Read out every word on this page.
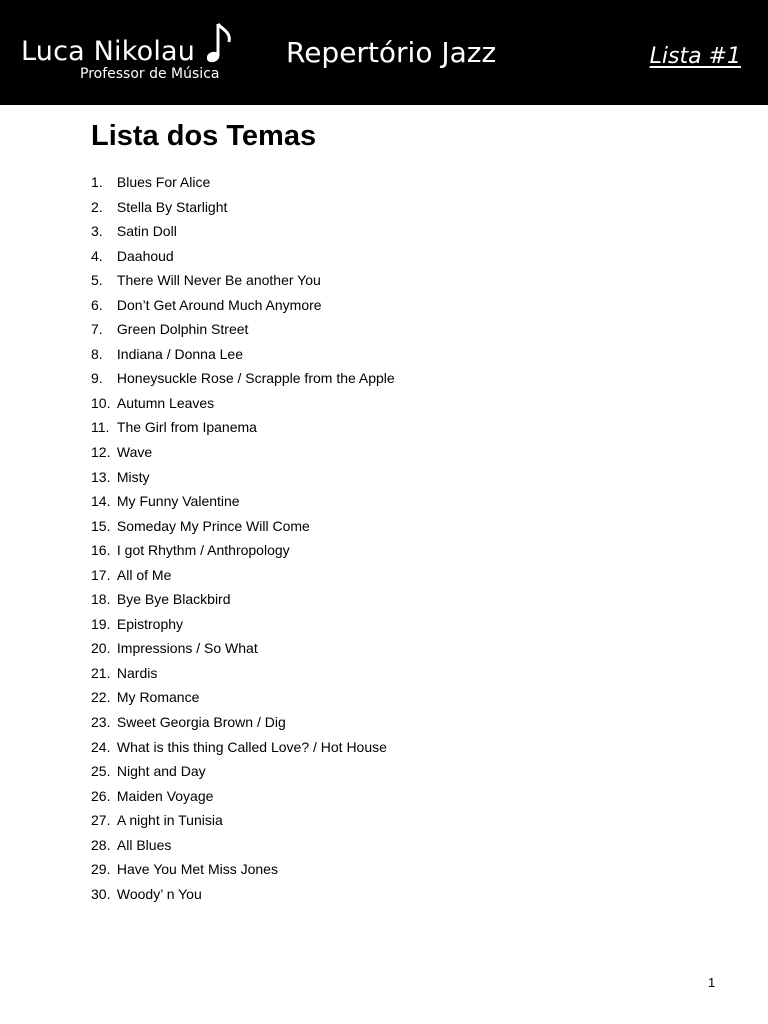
Luca Nikolau
Professor de Música
Repertório Jazz	Lista #1
Lista dos Temas
1.
	Blues For Alice
2.
	Stella By Starlight
3.
	Satin Doll
4.
	Daahoud
5.
	There Will Never Be another You
6.
	Don’t Get Around Much Anymore
7.
	Green Dolphin Street
8.
	Indiana / Donna Lee
9.
	Honeysuckle Rose / Scrapple from the Apple
10.
Autumn Leaves
11.
The Girl from Ipanema
12.
Wave
13.
Misty
14.
My Funny Valentine
15.
Someday My Prince Will Come
16.
I got Rhythm / Anthropology
17.
All of Me
18.
Bye Bye Blackbird
19.
Epistrophy
20.
Impressions / So What
21.
Nardis
22.
My Romance
23.
Sweet Georgia Brown / Dig
24.
What is this thing Called Love? / Hot House
25.
Night and Day
26.
Maiden Voyage
27.
A night in Tunisia
28.
All Blues
29.
Have You Met Miss Jones
30.
Woody’ n You
1
